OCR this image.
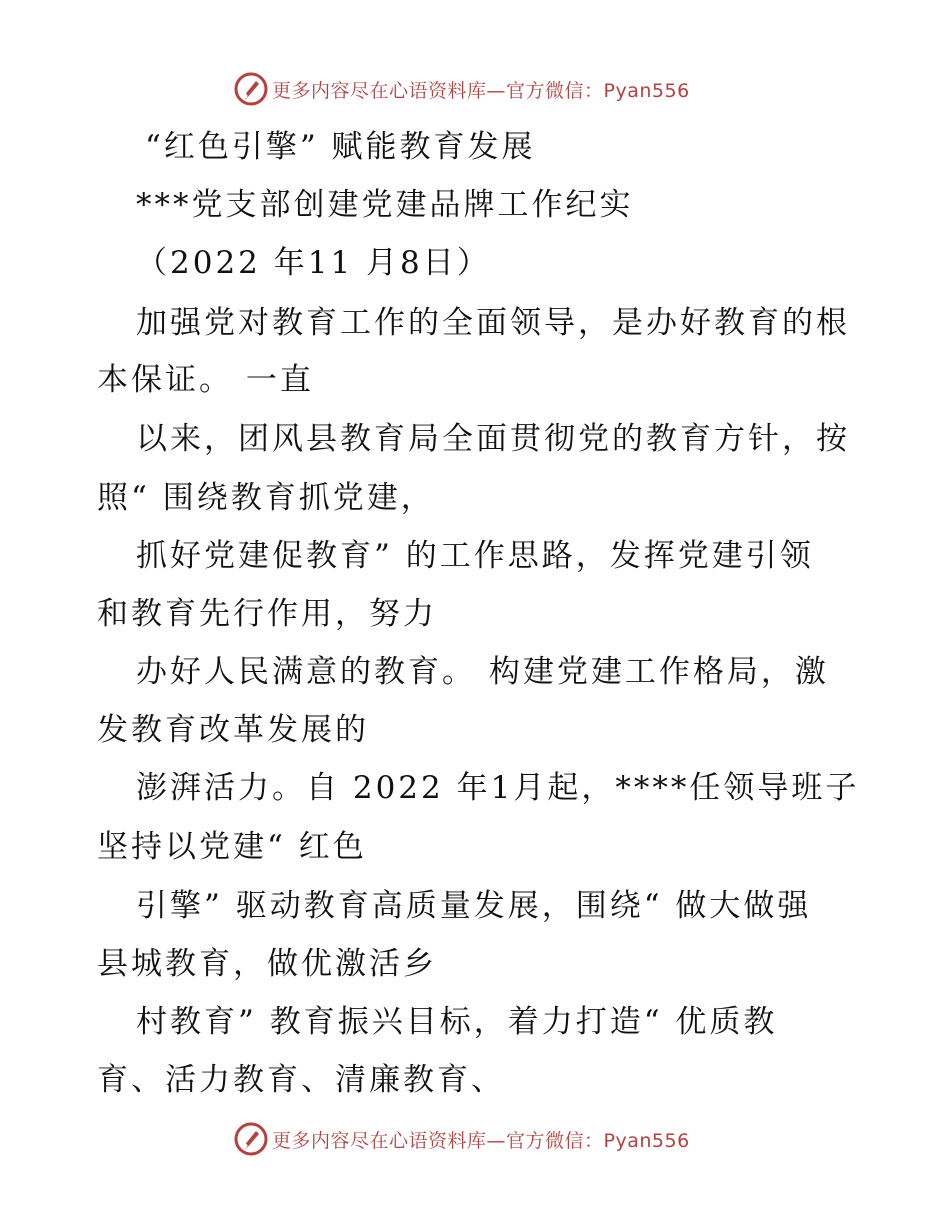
更多内容尽在心语资料库—官方微信：Pyan556
“红色引擎” 赋能教育发展
***党支部创建党建品牌工作纪实
（2022 年11 月8日）
加强党对教育工作的全面领导，是办好教育的根
本保证。 一直
以来，团风县教育局全面贯彻党的教育方针，按
照“ 围绕教育抓党建，
抓好党建促教育” 的工作思路，发挥党建引领
和教育先行作用，努力
办好人民满意的教育。 构建党建工作格局，激
发教育改革发展的
澎湃活力。自 2022 年1月起，****任领导班子
坚持以党建“ 红色
引擎” 驱动教育高质量发展，围绕“ 做大做强
县城教育，做优激活乡
村教育” 教育振兴目标，着力打造“ 优质教
育、活力教育、清廉教育、
更多内容尽在心语资料库—官方微信：Pyan556
